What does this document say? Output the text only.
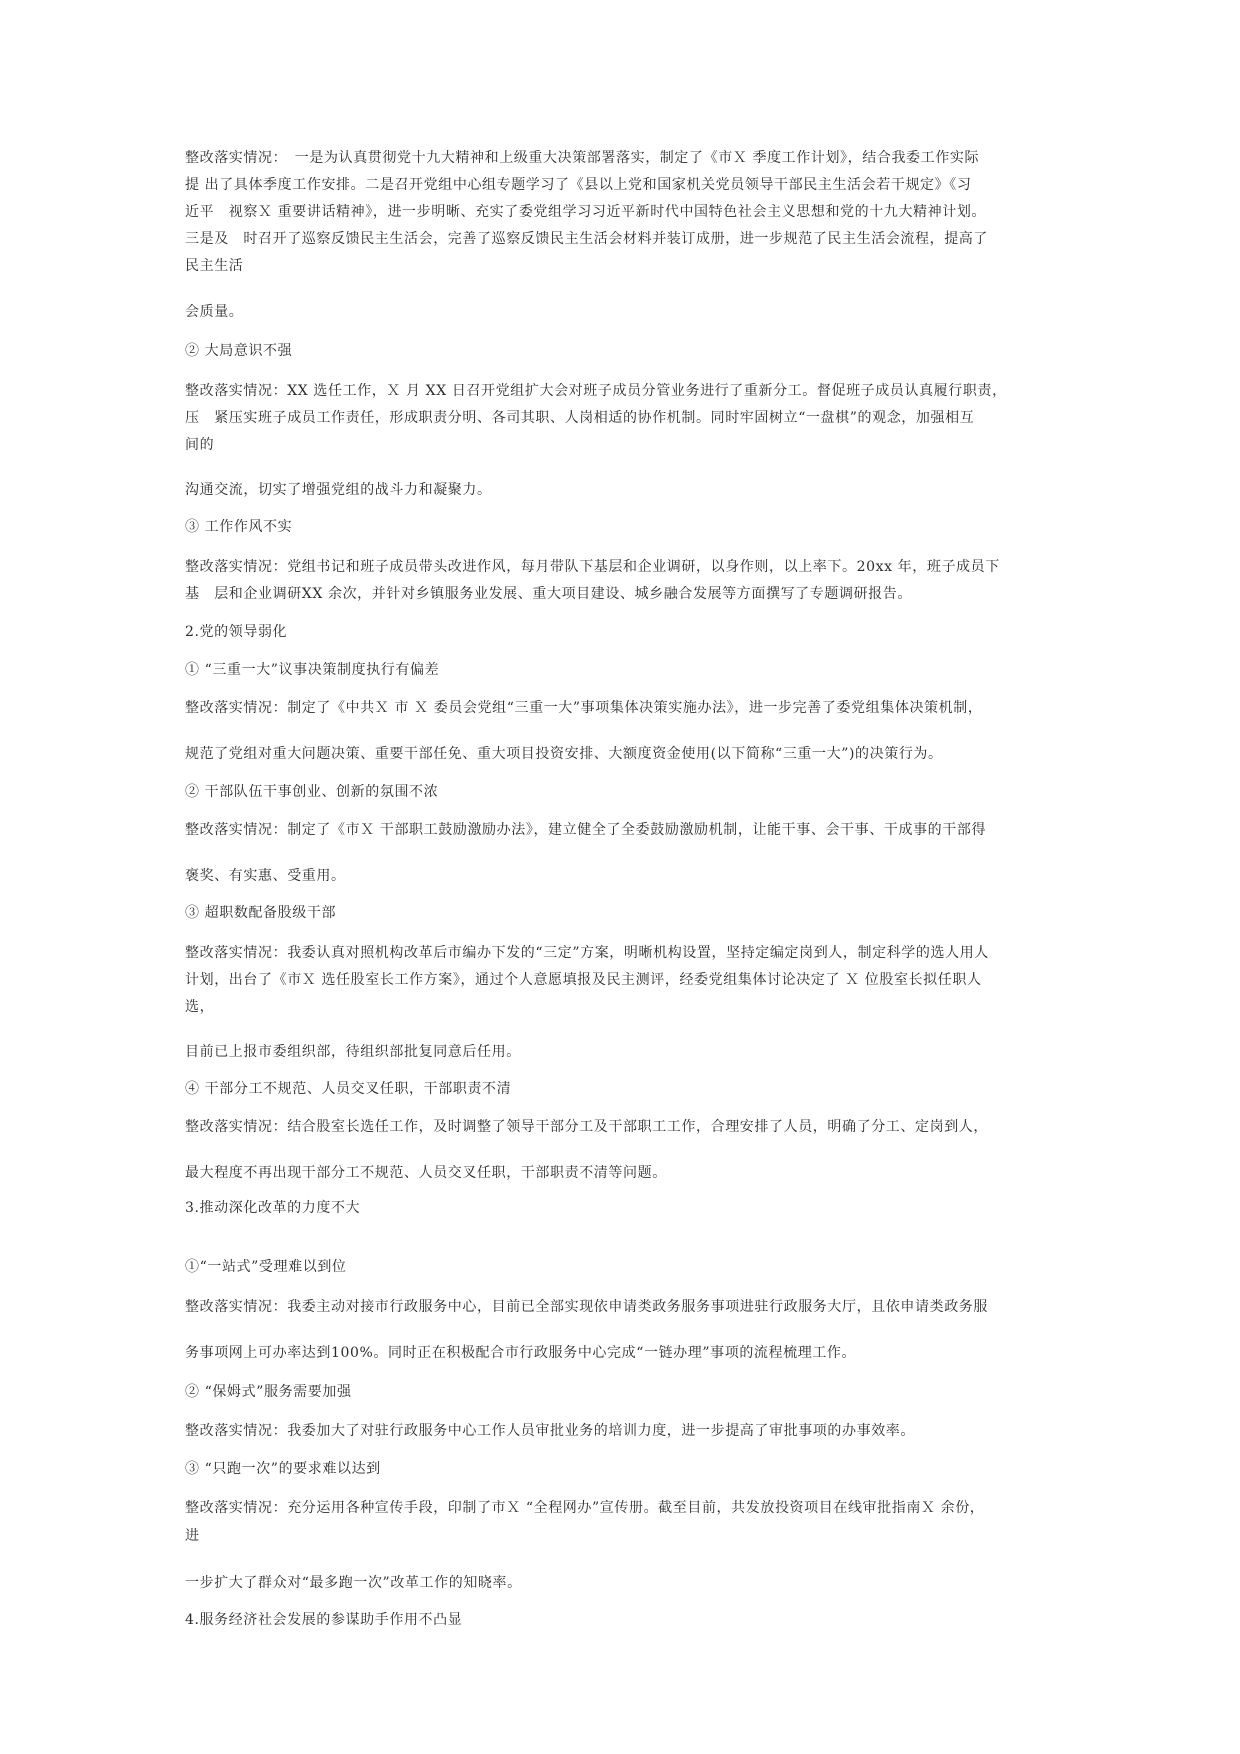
整改落实情况：　一是为认真贯彻党十九大精神和上级重大决策部署落实，制定了《市Ｘ 季度工作计划》，结合我委工作实际
提 出了具体季度工作安排。二是召开党组中心组专题学习了《县以上党和国家机关党员领导干部民主生活会若干规定》《习
近平　视察Ｘ 重要讲话精神》，进一步明晰、充实了委党组学习习近平新时代中国特色社会主义思想和党的十九大精神计划。
三是及　时召开了巡察反馈民主生活会，完善了巡察反馈民主生活会材料并装订成册，进一步规范了民主生活会流程，提高了
民主生活
会质量。
② 大局意识不强
整改落实情况：XX 选任工作，Ｘ 月 XX 日召开党组扩大会对班子成员分管业务进行了重新分工。督促班子成员认真履行职责，
压　紧压实班子成员工作责任，形成职责分明、各司其职、人岗相适的协作机制。同时牢固树立“一盘棋”的观念，加强相互
间的
沟通交流，切实了增强党组的战斗力和凝聚力。
③ 工作作风不实
整改落实情况：党组书记和班子成员带头改进作风，每月带队下基层和企业调研，以身作则，以上率下。20xx 年，班子成员下
基　层和企业调研XX 余次，并针对乡镇服务业发展、重大项目建设、城乡融合发展等方面撰写了专题调研报告。
2.党的领导弱化
① “三重一大”议事决策制度执行有偏差
整改落实情况：制定了《中共Ｘ 市 Ｘ 委员会党组“三重一大”事项集体决策实施办法》，进一步完善了委党组集体决策机制，
规范了党组对重大问题决策、重要干部任免、重大项目投资安排、大额度资金使用(以下简称“三重一大”)的决策行为。
② 干部队伍干事创业、创新的氛围不浓
整改落实情况：制定了《市Ｘ 干部职工鼓励激励办法》，建立健全了全委鼓励激励机制，让能干事、会干事、干成事的干部得
褒奖、有实惠、受重用。
③ 超职数配备股级干部
整改落实情况：我委认真对照机构改革后市编办下发的“三定”方案，明晰机构设置，坚持定编定岗到人，制定科学的选人用人
计划，出台了《市Ｘ 选任股室长工作方案》，通过个人意愿填报及民主测评，经委党组集体讨论决定了 Ｘ 位股室长拟任职人
选，
目前已上报市委组织部，待组织部批复同意后任用。
④ 干部分工不规范、人员交叉任职，干部职责不清
整改落实情况：结合股室长选任工作，及时调整了领导干部分工及干部职工工作，合理安排了人员，明确了分工、定岗到人，
最大程度不再出现干部分工不规范、人员交叉任职，干部职责不清等问题。
3.推动深化改革的力度不大
①“一站式”受理难以到位
整改落实情况：我委主动对接市行政服务中心，目前已全部实现依申请类政务服务事项进驻行政服务大厅，且依申请类政务服
务事项网上可办率达到100%。同时正在积极配合市行政服务中心完成“一链办理”事项的流程梳理工作。
② “保姆式”服务需要加强
整改落实情况：我委加大了对驻行政服务中心工作人员审批业务的培训力度，进一步提高了审批事项的办事效率。
③ “只跑一次”的要求难以达到
整改落实情况：充分运用各种宣传手段，印制了市Ｘ “全程网办”宣传册。截至目前，共发放投资项目在线审批指南Ｘ 余份，
进
一步扩大了群众对“最多跑一次”改革工作的知晓率。
4.服务经济社会发展的参谋助手作用不凸显
